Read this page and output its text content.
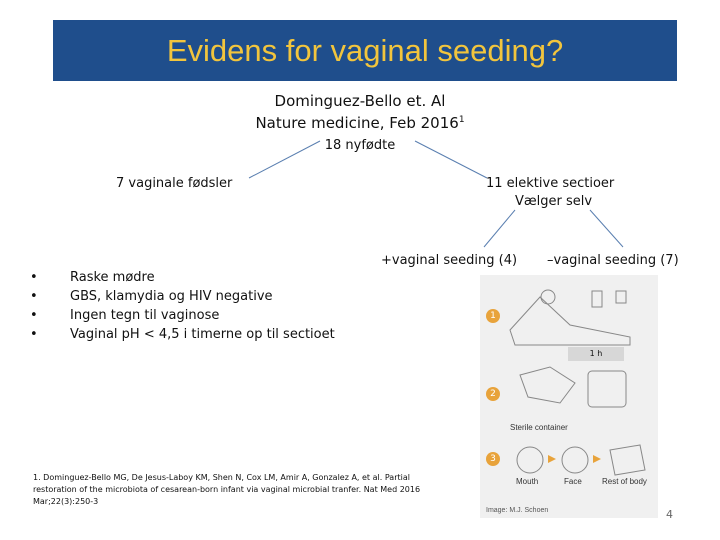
Evidens for vaginal seeding?
Dominguez-Bello et. Al
Nature medicine, Feb 2016$^1$
18 nyfødte
7 vaginale fødsler	11 elektive sectioer
Vælger selv
+vaginal seeding (4) –vaginal seeding (7)
• Raske mødre
• GBS, klamydia og HIV negative
• Ingen tegn til vaginose
• Vaginal pH < 4,5 i timerne op til sectioet
1
2
3
1 h
Sterile container
Mouth	Face	Rest of body
Image: M.J. Schoen
1. Dominguez-Bello MG, De Jesus-Laboy KM, Shen N, Cox LM, Amir A, Gonzalez A, et al. Partial restoration of the microbiota of cesarean-born infant via vaginal microbial tranfer. Nat Med 2016 Mar;22(3):250-3
4
